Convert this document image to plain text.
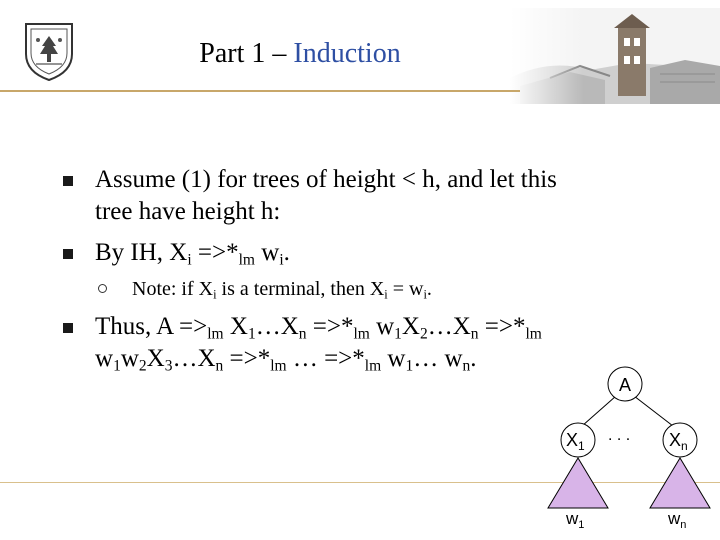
Part 1 – Induction
Assume (1) for trees of height < h, and let this
tree have height h:
By IH, $X_i =>*_{lm}$ $w_i$.
Note: if $X_i$ is a terminal, then $X_i = w_i$.
Thus, $A =>_{lm}$ $X_1\dots X_n =>*_{lm}$ $w_1X_2\dots X_n =>*_{lm}$
$w_1w_2X_3\dots X_n =>*_{lm}$ … $=>*_{lm}$ $w_1\dots$ $w_n$.
A
$X_1$
. . . $X_n$
$w_1$	$w_n$
